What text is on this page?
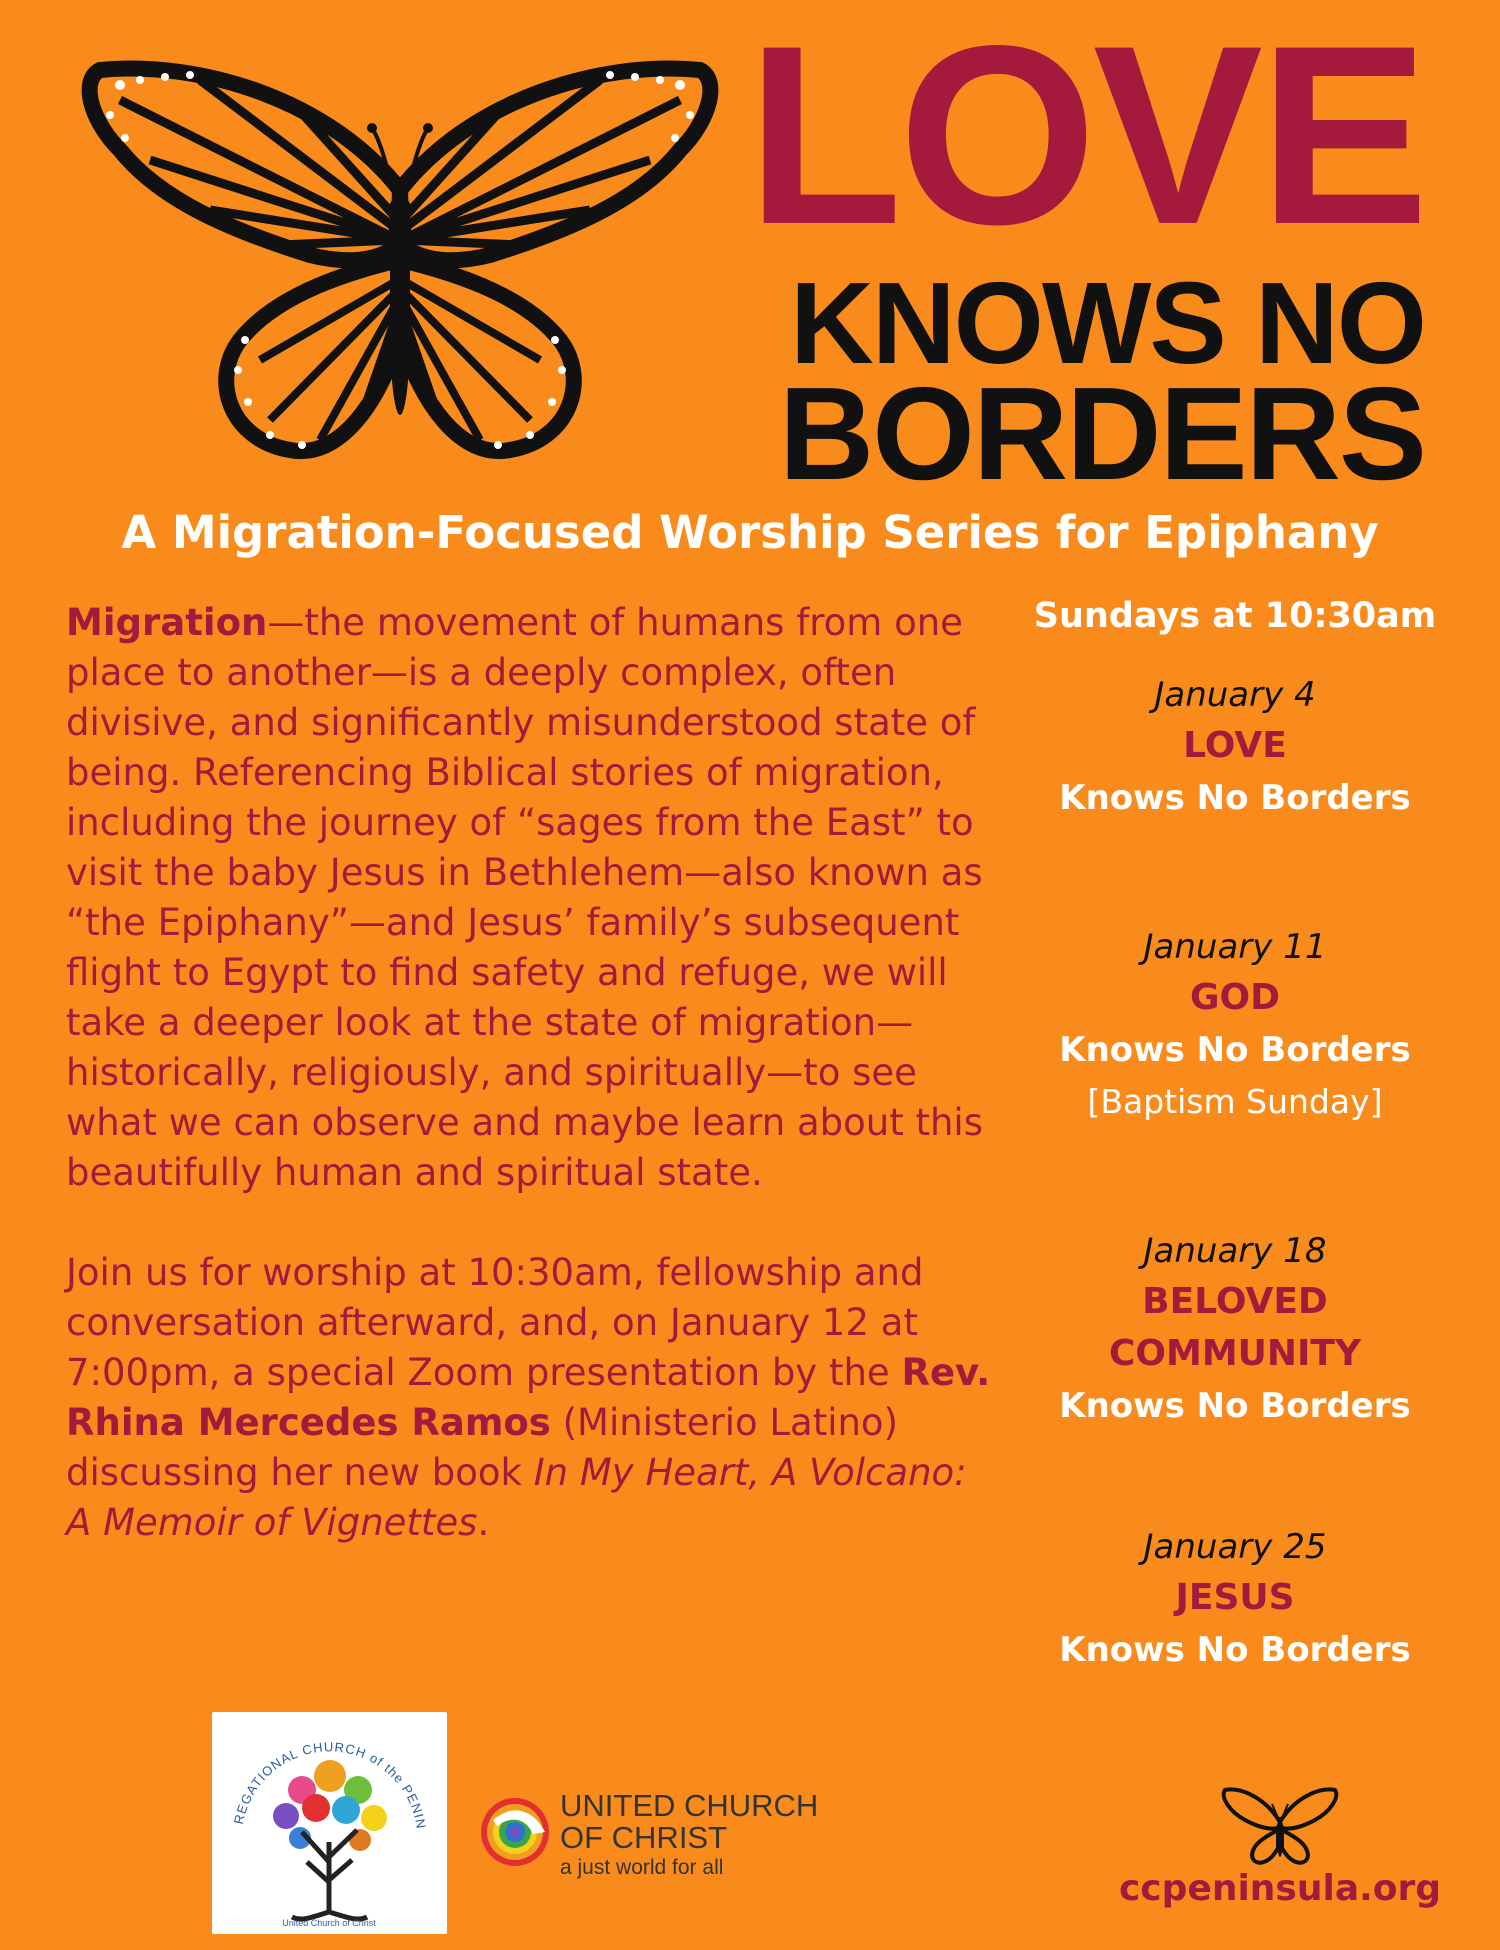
LOVE
KNOWS NO
BORDERS
A Migration-Focused Worship Series for Epiphany

Migration—the movement of humans from one place to another—is a deeply complex, often divisive, and significantly misunderstood state of being. Referencing Biblical stories of migration, including the journey of “sages from the East” to visit the baby Jesus in Bethlehem—also known as “the Epiphany”—and Jesus’ family’s subsequent flight to Egypt to find safety and refuge, we will take a deeper look at the state of migration—historically, religiously, and spiritually—to see what we can observe and maybe learn about this beautifully human and spiritual state.

Join us for worship at 10:30am, fellowship and conversation afterward, and, on January 12 at 7:00pm, a special Zoom presentation by the Rev. Rhina Mercedes Ramos (Ministerio Latino) discussing her new book In My Heart, A Volcano:
A Memoir of Vignettes.

Sundays at 10:30am
January 4
LOVE
Knows No Borders
January 11
GOD
Knows No Borders
[Baptism Sunday]
January 18
BELOVED
COMMUNITY
Knows No Borders
January 25
JESUS
Knows No Borders
REGATIONAL CHURCH of the PENIN
United Church of Christ
UNITED CHURCH
OF CHRIST
a just world for all
ccpeninsula.org
